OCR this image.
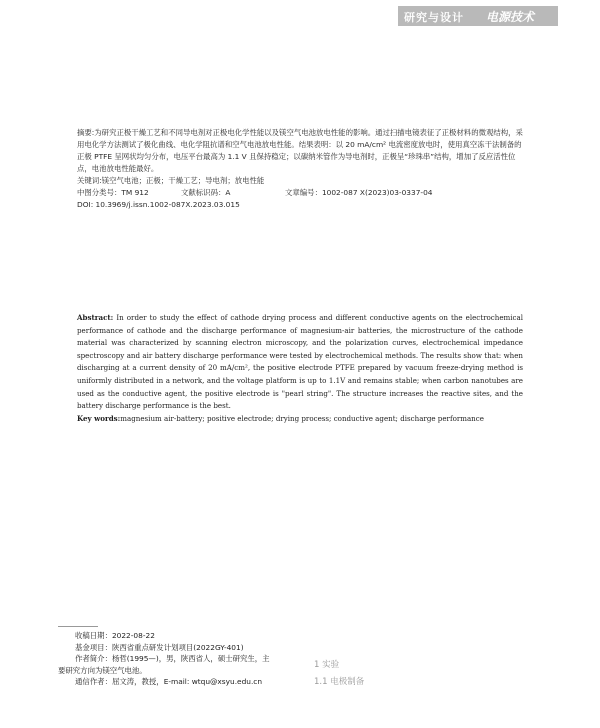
研究与设计 电源技术

摘要:为研究正极干燥工艺和不同导电剂对正极电化学性能以及镁空气电池放电性能的影响。通过扫描电镜表征了正极材料的微观结构，采用电化学方法测试了极化曲线、电化学阻抗谱和空气电池放电性能。结果表明：以 20 mA/cm² 电流密度放电时，使用真空冻干法制备的正极 PTFE 呈网状均匀分布，电压平台最高为 1.1 V 且保持稳定；以碳纳米管作为导电剂时，正极呈“珍珠串”结构，增加了反应活性位点，电池放电性能最好。

关键词:镁空气电池；正极；干燥工艺；导电剂；放电性能

中图分类号：TM 912	文献标识码：A	文章编号：1002-087 X(2023)03-0337-04

DOI: 10.3969/j.issn.1002-087X.2023.03.015

Abstract: In order to study the effect of cathode drying process and different conductive agents on the electrochemical performance of cathode and the discharge performance of magnesium-air batteries, the microstructure of the cathode material was characterized by scanning electron microscopy, and the polarization curves, electrochemical impedance spectroscopy and air battery discharge performance were tested by electrochemical methods. The results show that: when discharging at a current density of 20 mA/cm², the positive electrode PTFE prepared by vacuum freeze-drying method is uniformly distributed in a network, and the voltage platform is up to 1.1V and remains stable; when carbon nanotubes are used as the conductive agent, the positive electrode is "pearl string". The structure increases the reactive sites, and the battery discharge performance is the best.

Key words:magnesium air-battery; positive electrode; drying process; conductive agent; discharge performance

收稿日期：2022-08-22

基金项目：陕西省重点研发计划项目(2022GY-401)

作者简介：杨哲(1995—)，男，陕西省人，硕士研究生，主

要研究方向为镁空气电池。

通信作者：屈文涛，教授，E-mail: wtqu@xsyu.edu.cn

1 实验
1.1 电极制备
